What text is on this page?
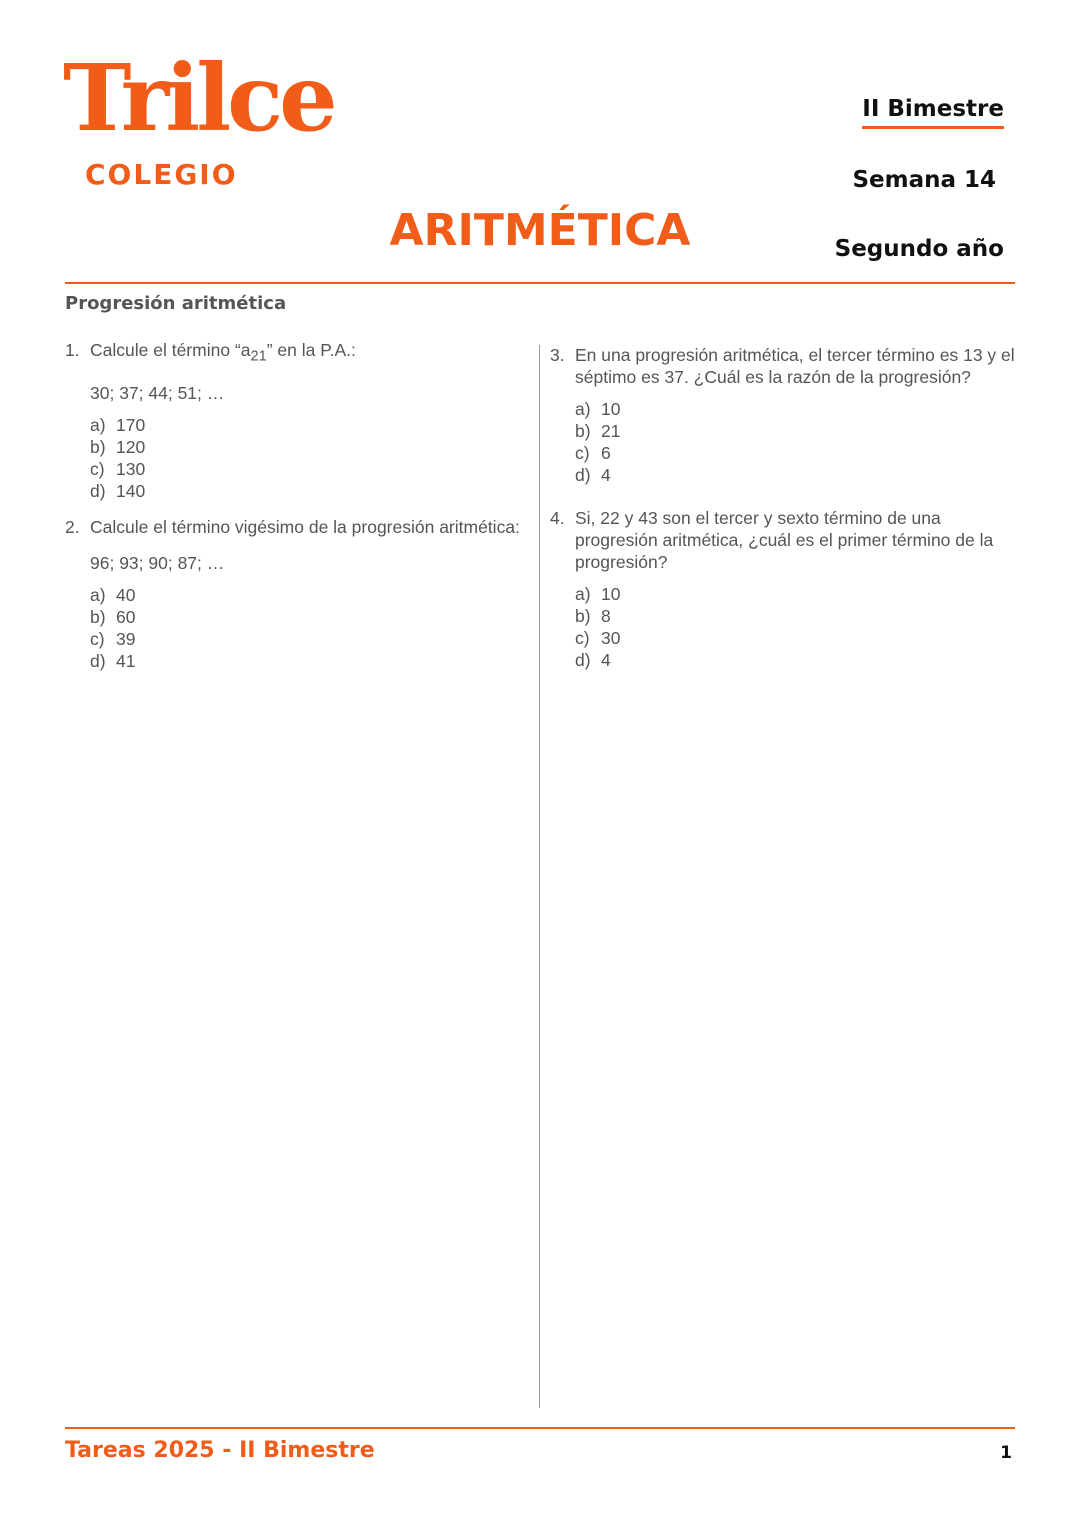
Trilce
COLEGIO
ARITMÉTICA
II Bimestre
Semana 14
Segundo año
Progresión aritmética
1. Calcule el término “$a_{21}$” en la P.A.:
30; 37; 44; 51; …
a) 170
b) 120
c) 130
d) 140
2. Calcule el término vigésimo de la progresión aritmética:
96; 93; 90; 87; …
a) 40
b) 60
c) 39
d) 41
3. En una progresión aritmética, el tercer término es 13 y el séptimo es 37. ¿Cuál es la razón de la progresión?
a) 10
b) 21
c) 6
d) 4
4. Si, 22 y 43 son el tercer y sexto término de una progresión aritmética, ¿cuál es el primer término de la progresión?
a) 10
b) 8
c) 30
d) 4
Tareas 2025 - II Bimestre	1
